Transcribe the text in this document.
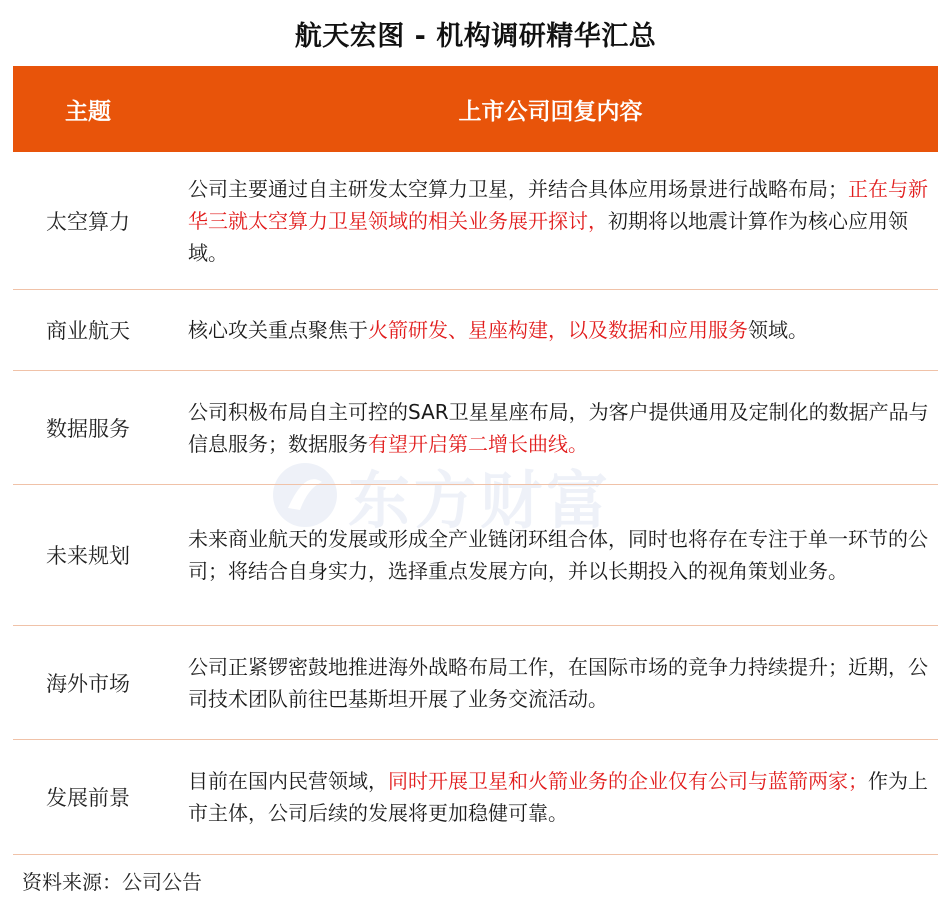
航天宏图 - 机构调研精华汇总
东方财富
主题	上市公司回复内容
太空算力
公司主要通过自主研发太空算力卫星，并结合具体应用场景进行战略布局；正在与新华三就太空算力卫星领域的相关业务展开探讨，初期将以地震计算作为核心应用领域。
商业航天	核心攻关重点聚焦于火箭研发、星座构建，以及数据和应用服务领域。
数据服务
公司积极布局自主可控的SAR卫星星座布局，为客户提供通用及定制化的数据产品与信息服务；数据服务有望开启第二增长曲线。
未来规划
未来商业航天的发展或形成全产业链闭环组合体，同时也将存在专注于单一环节的公司；将结合自身实力，选择重点发展方向，并以长期投入的视角策划业务。
海外市场
公司正紧锣密鼓地推进海外战略布局工作，在国际市场的竞争力持续提升；近期，公司技术团队前往巴基斯坦开展了业务交流活动。
发展前景
目前在国内民营领域，同时开展卫星和火箭业务的企业仅有公司与蓝箭两家；作为上市主体，公司后续的发展将更加稳健可靠。
资料来源：公司公告
